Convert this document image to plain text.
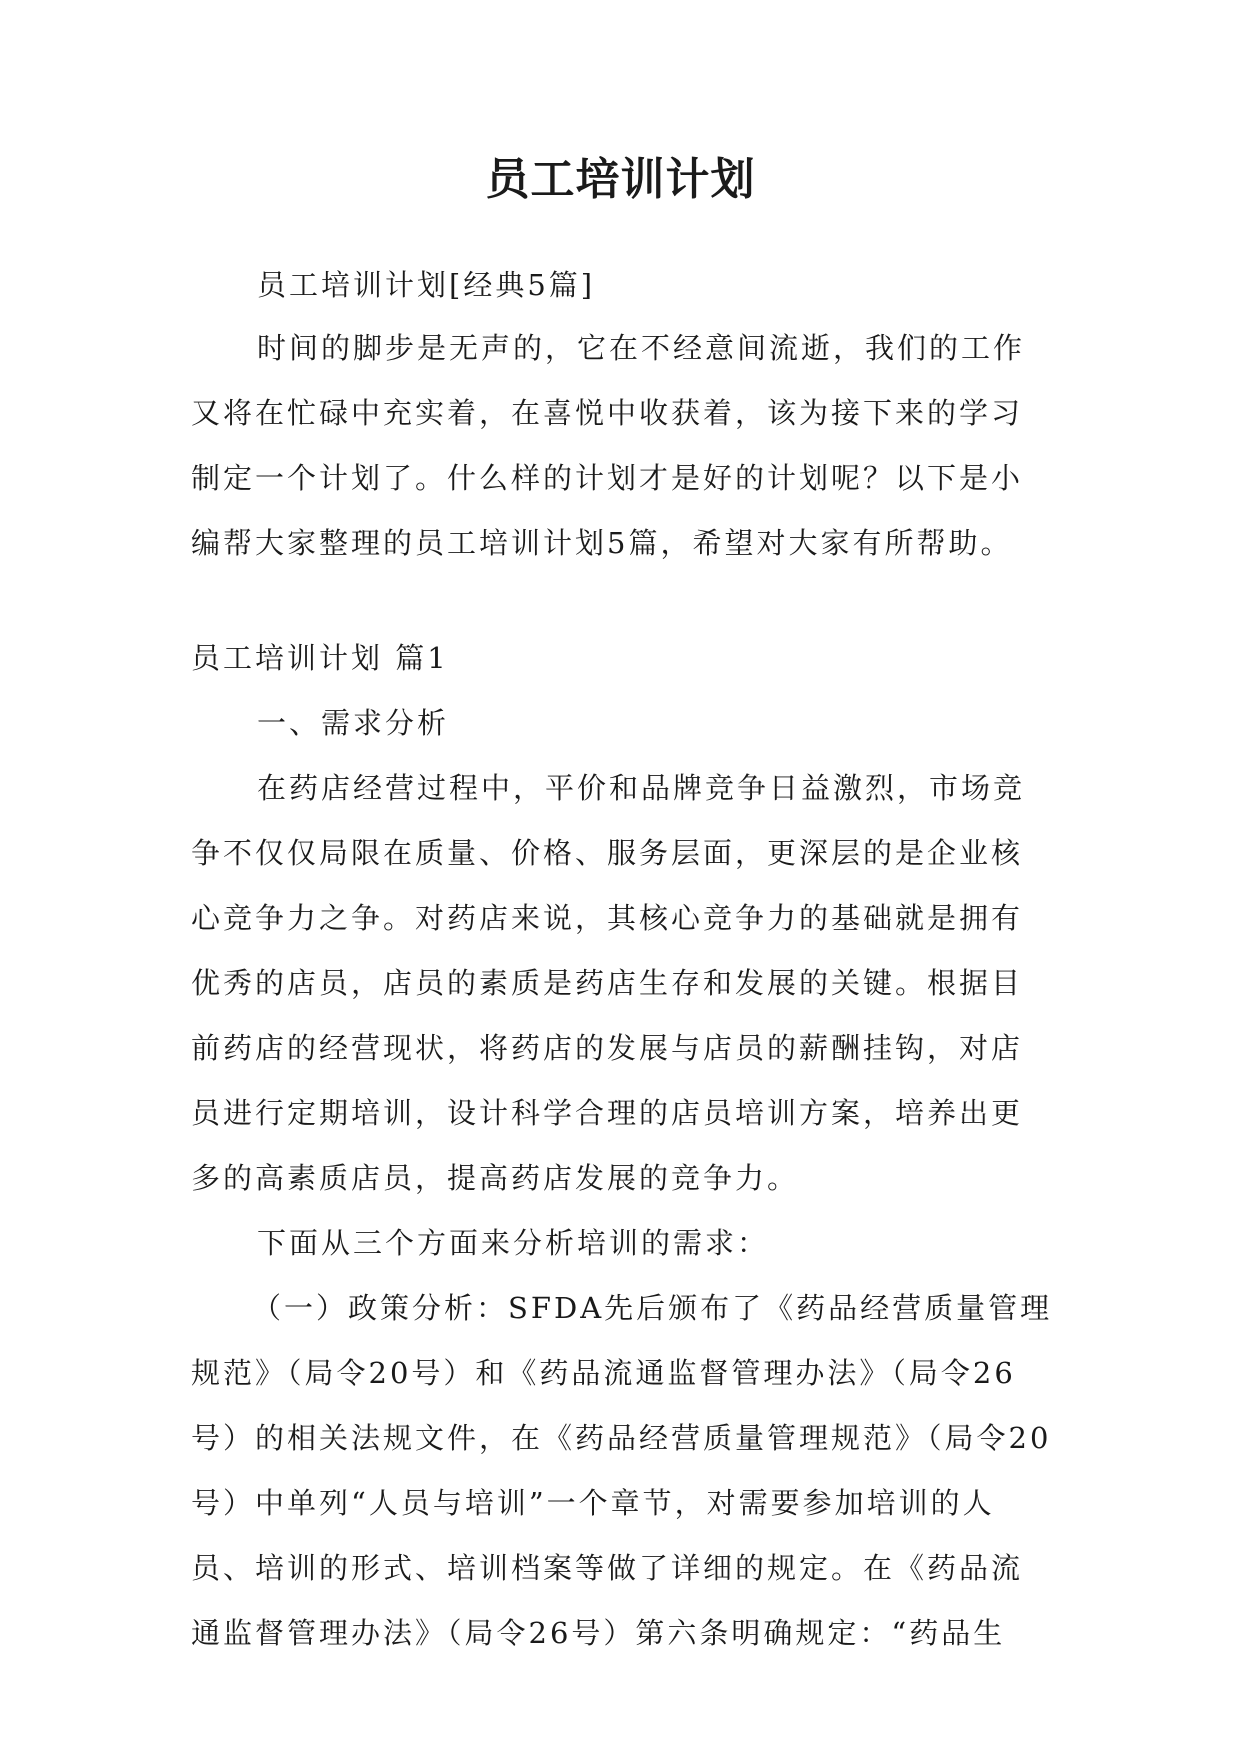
员工培训计划
员工培训计划[经典5篇]
时间的脚步是无声的，它在不经意间流逝，我们的工作
又将在忙碌中充实着，在喜悦中收获着，该为接下来的学习
制定一个计划了。什么样的计划才是好的计划呢？以下是小
编帮大家整理的员工培训计划5篇，希望对大家有所帮助。
员工培训计划 篇1
一、需求分析
在药店经营过程中，平价和品牌竞争日益激烈，市场竞
争不仅仅局限在质量、价格、服务层面，更深层的是企业核
心竞争力之争。对药店来说，其核心竞争力的基础就是拥有
优秀的店员，店员的素质是药店生存和发展的关键。根据目
前药店的经营现状，将药店的发展与店员的薪酬挂钩，对店
员进行定期培训，设计科学合理的店员培训方案，培养出更
多的高素质店员，提高药店发展的竞争力。
下面从三个方面来分析培训的需求：
（一）政策分析：SFDA先后颁布了《药品经营质量管理
规范》（局令20号）和《药品流通监督管理办法》（局令26
号）的相关法规文件，在《药品经营质量管理规范》（局令20
号）中单列“人员与培训”一个章节，对需要参加培训的人
员、培训的形式、培训档案等做了详细的规定。在《药品流
通监督管理办法》（局令26号）第六条明确规定：“药品生
